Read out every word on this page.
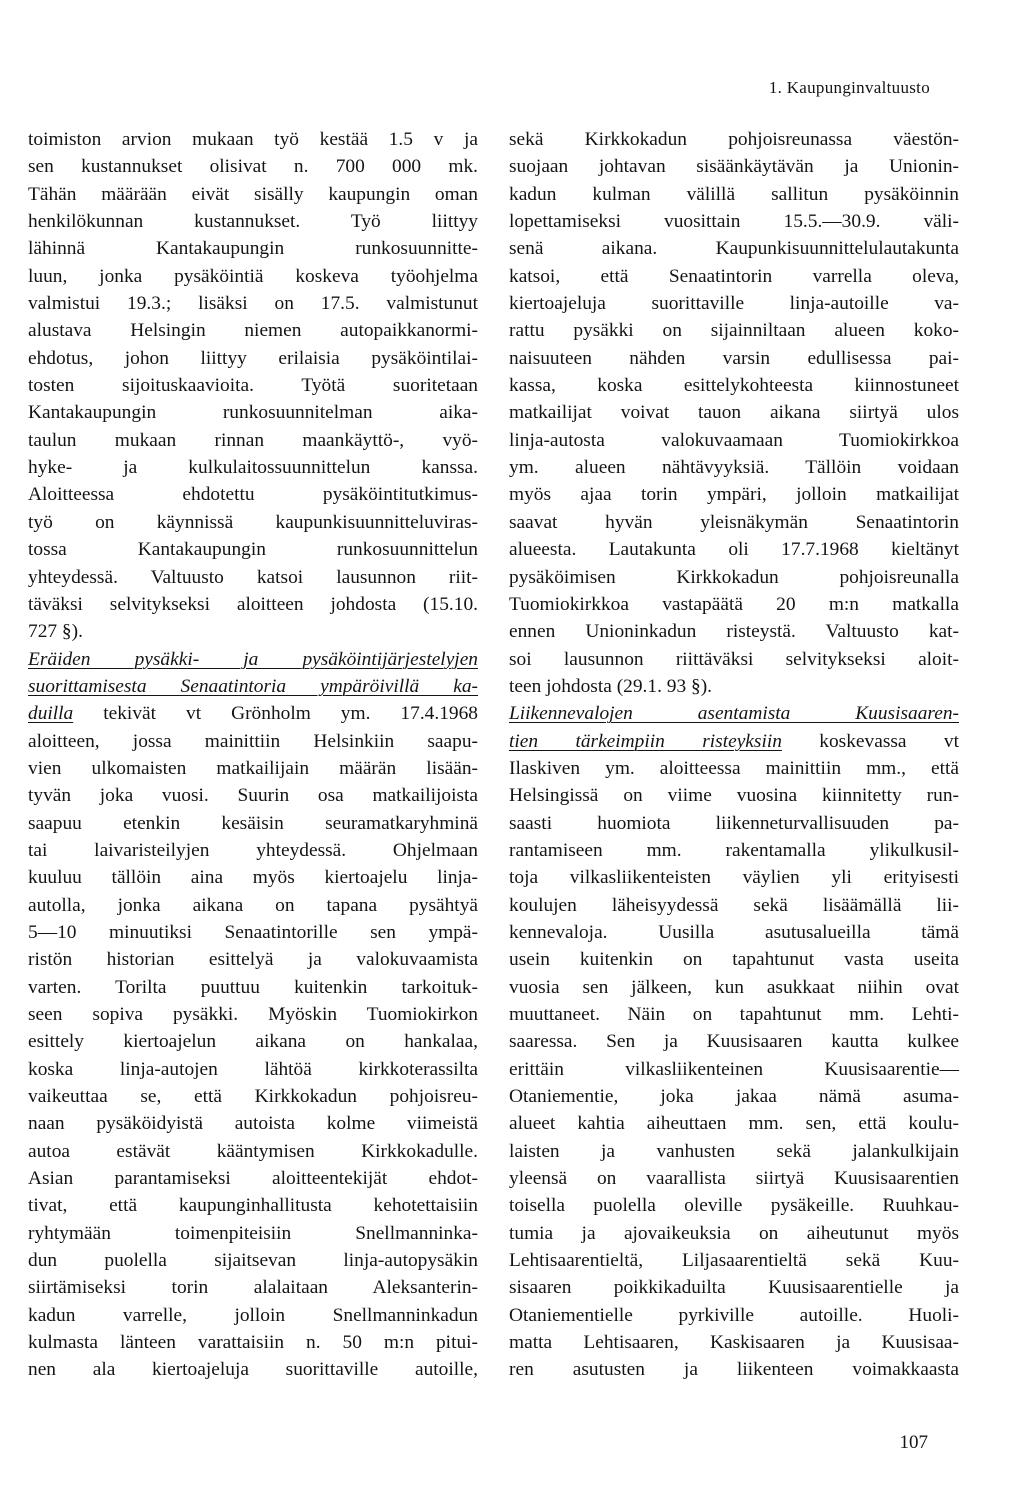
1. Kaupunginvaltuusto

toimiston arvion mukaan työ kestää 1.5 v ja
sen kustannukset olisivat n. 700 000 mk.
Tähän määrään eivät sisälly kaupungin oman
henkilökunnan kustannukset. Työ liittyy
lähinnä Kantakaupungin runkosuunnitte-
luun, jonka pysäköintiä koskeva työohjelma
valmistui 19.3.; lisäksi on 17.5. valmistunut
alustava Helsingin niemen autopaikkanormi-
ehdotus, johon liittyy erilaisia pysäköintilai-
tosten sijoituskaavioita. Työtä suoritetaan
Kantakaupungin runkosuunnitelman aika-
taulun mukaan rinnan maankäyttö-, vyö-
hyke- ja kulkulaitossuunnittelun kanssa.
Aloitteessa ehdotettu pysäköintitutkimus-
työ on käynnissä kaupunkisuunnitteluviras-
tossa Kantakaupungin runkosuunnittelun
yhteydessä. Valtuusto katsoi lausunnon riit-
täväksi selvitykseksi aloitteen johdosta (15.10.
727 §).

Eräiden pysäkki- ja pysäköintijärjestelyjen
suorittamisesta Senaatintoria ympäröivillä ka-
duilla tekivät vt Grönholm ym. 17.4.1968
aloitteen, jossa mainittiin Helsinkiin saapu-
vien ulkomaisten matkailijain määrän lisään-
tyvän joka vuosi. Suurin osa matkailijoista
saapuu etenkin kesäisin seuramatkaryhminä
tai laivaristeilyjen yhteydessä. Ohjelmaan
kuuluu tällöin aina myös kiertoajelu linja-
autolla, jonka aikana on tapana pysähtyä
5—10 minuutiksi Senaatintorille sen ympä-
ristön historian esittelyä ja valokuvaamista
varten. Torilta puuttuu kuitenkin tarkoituk-
seen sopiva pysäkki. Myöskin Tuomiokirkon
esittely kiertoajelun aikana on hankalaa,
koska linja-autojen lähtöä kirkkoterassilta
vaikeuttaa se, että Kirkkokadun pohjoisreu-
naan pysäköidyistä autoista kolme viimeistä
autoa estävät kääntymisen Kirkkokadulle.
Asian parantamiseksi aloitteentekijät ehdot-
tivat, että kaupunginhallitusta kehotettaisiin
ryhtymään toimenpiteisiin Snellmanninka-
dun puolella sijaitsevan linja-autopysäkin
siirtämiseksi torin alalaitaan Aleksanterin-
kadun varrelle, jolloin Snellmanninkadun
kulmasta länteen varattaisiin n. 50 m:n pitui-
nen ala kiertoajeluja suorittaville autoille,

sekä Kirkkokadun pohjoisreunassa väestön-
suojaan johtavan sisäänkäytävän ja Unionin-
kadun kulman välillä sallitun pysäköinnin
lopettamiseksi vuosittain 15.5.—30.9. väli-
senä aikana. Kaupunkisuunnittelulautakunta
katsoi, että Senaatintorin varrella oleva,
kiertoajeluja suorittaville linja-autoille va-
rattu pysäkki on sijainniltaan alueen koko-
naisuuteen nähden varsin edullisessa pai-
kassa, koska esittelykohteesta kiinnostuneet
matkailijat voivat tauon aikana siirtyä ulos
linja-autosta valokuvaamaan Tuomiokirkkoa
ym. alueen nähtävyyksiä. Tällöin voidaan
myös ajaa torin ympäri, jolloin matkailijat
saavat hyvän yleisnäkymän Senaatintorin
alueesta. Lautakunta oli 17.7.1968 kieltänyt
pysäköimisen Kirkkokadun pohjoisreunalla
Tuomiokirkkoa vastapäätä 20 m:n matkalla
ennen Unioninkadun risteystä. Valtuusto kat-
soi lausunnon riittäväksi selvitykseksi aloit-
teen johdosta (29.1. 93 §).

Liikennevalojen asentamista Kuusisaaren-
tien tärkeimpiin risteyksiin koskevassa vt
Ilaskiven ym. aloitteessa mainittiin mm., että
Helsingissä on viime vuosina kiinnitetty run-
saasti huomiota liikenneturvallisuuden pa-
rantamiseen mm. rakentamalla ylikulkusil-
toja vilkasliikenteisten väylien yli erityisesti
koulujen läheisyydessä sekä lisäämällä lii-
kennevaloja. Uusilla asutusalueilla tämä
usein kuitenkin on tapahtunut vasta useita
vuosia sen jälkeen, kun asukkaat niihin ovat
muuttaneet. Näin on tapahtunut mm. Lehti-
saaressa. Sen ja Kuusisaaren kautta kulkee
erittäin vilkasliikenteinen Kuusisaarentie—
Otaniementie, joka jakaa nämä asuma-
alueet kahtia aiheuttaen mm. sen, että koulu-
laisten ja vanhusten sekä jalankulkijain
yleensä on vaarallista siirtyä Kuusisaarentien
toisella puolella oleville pysäkeille. Ruuhkau-
tumia ja ajovaikeuksia on aiheutunut myös
Lehtisaarentieltä, Liljasaarentieltä sekä Kuu-
sisaaren poikkikaduilta Kuusisaarentielle ja
Otaniementielle pyrkiville autoille. Huoli-
matta Lehtisaaren, Kaskisaaren ja Kuusisaa-
ren asutusten ja liikenteen voimakkaasta

107
